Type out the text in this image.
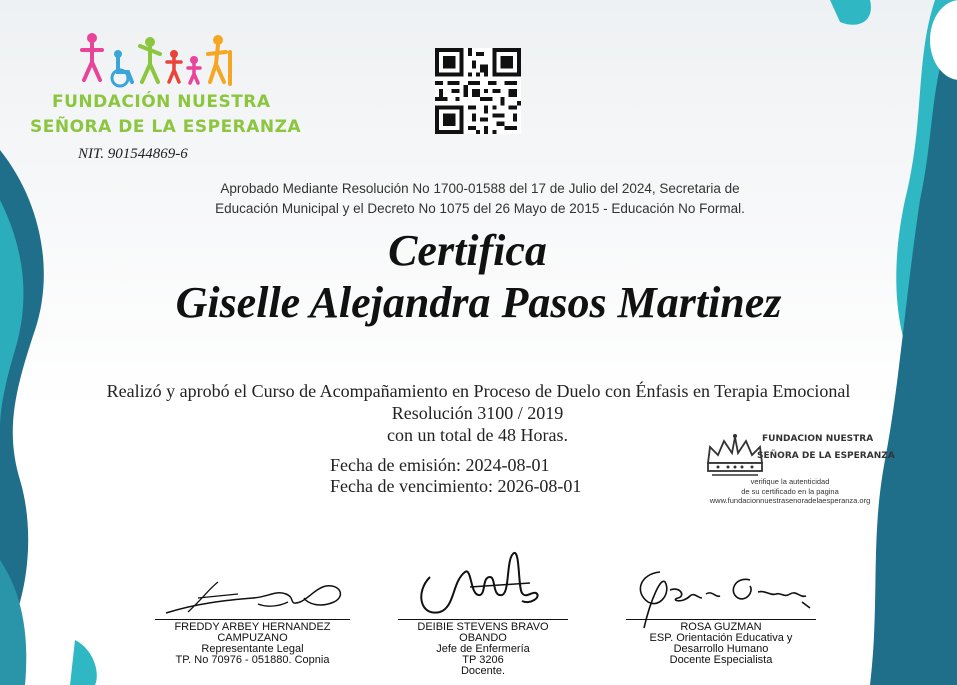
FUNDACIÓN NUESTRA
SEÑORA DE LA ESPERANZA
NIT. 901544869-6
Aprobado Mediante Resolución No 1700-01588 del 17 de Julio del 2024, Secretaria de
Educación Municipal y el Decreto No 1075 del 26 Mayo de 2015 - Educación No Formal.
Certifica
Giselle Alejandra Pasos Martinez
Realizó y aprobó el Curso de Acompañamiento en Proceso de Duelo con Énfasis en Terapia Emocional
Resolución 3100 / 2019
con un total de 48 Horas.
Fecha de emisión: 2024-08-01
Fecha de vencimiento: 2026-08-01
FUNDACION NUESTRA
SEÑORA DE LA ESPERANZA
verifique la autenticidad
de su certificado en la pagina
www.fundacionnuestrasenoradelaesperanza.org
FREDDY ARBEY HERNANDEZ
CAMPUZANO
Representante Legal
TP. No 70976 - 051880. Copnia
DEIBIE STEVENS BRAVO
OBANDO
Jefe de Enfermería
TP 3206
Docente.
ROSA GUZMAN
ESP. Orientación Educativa y
Desarrollo Humano
Docente Especialista
